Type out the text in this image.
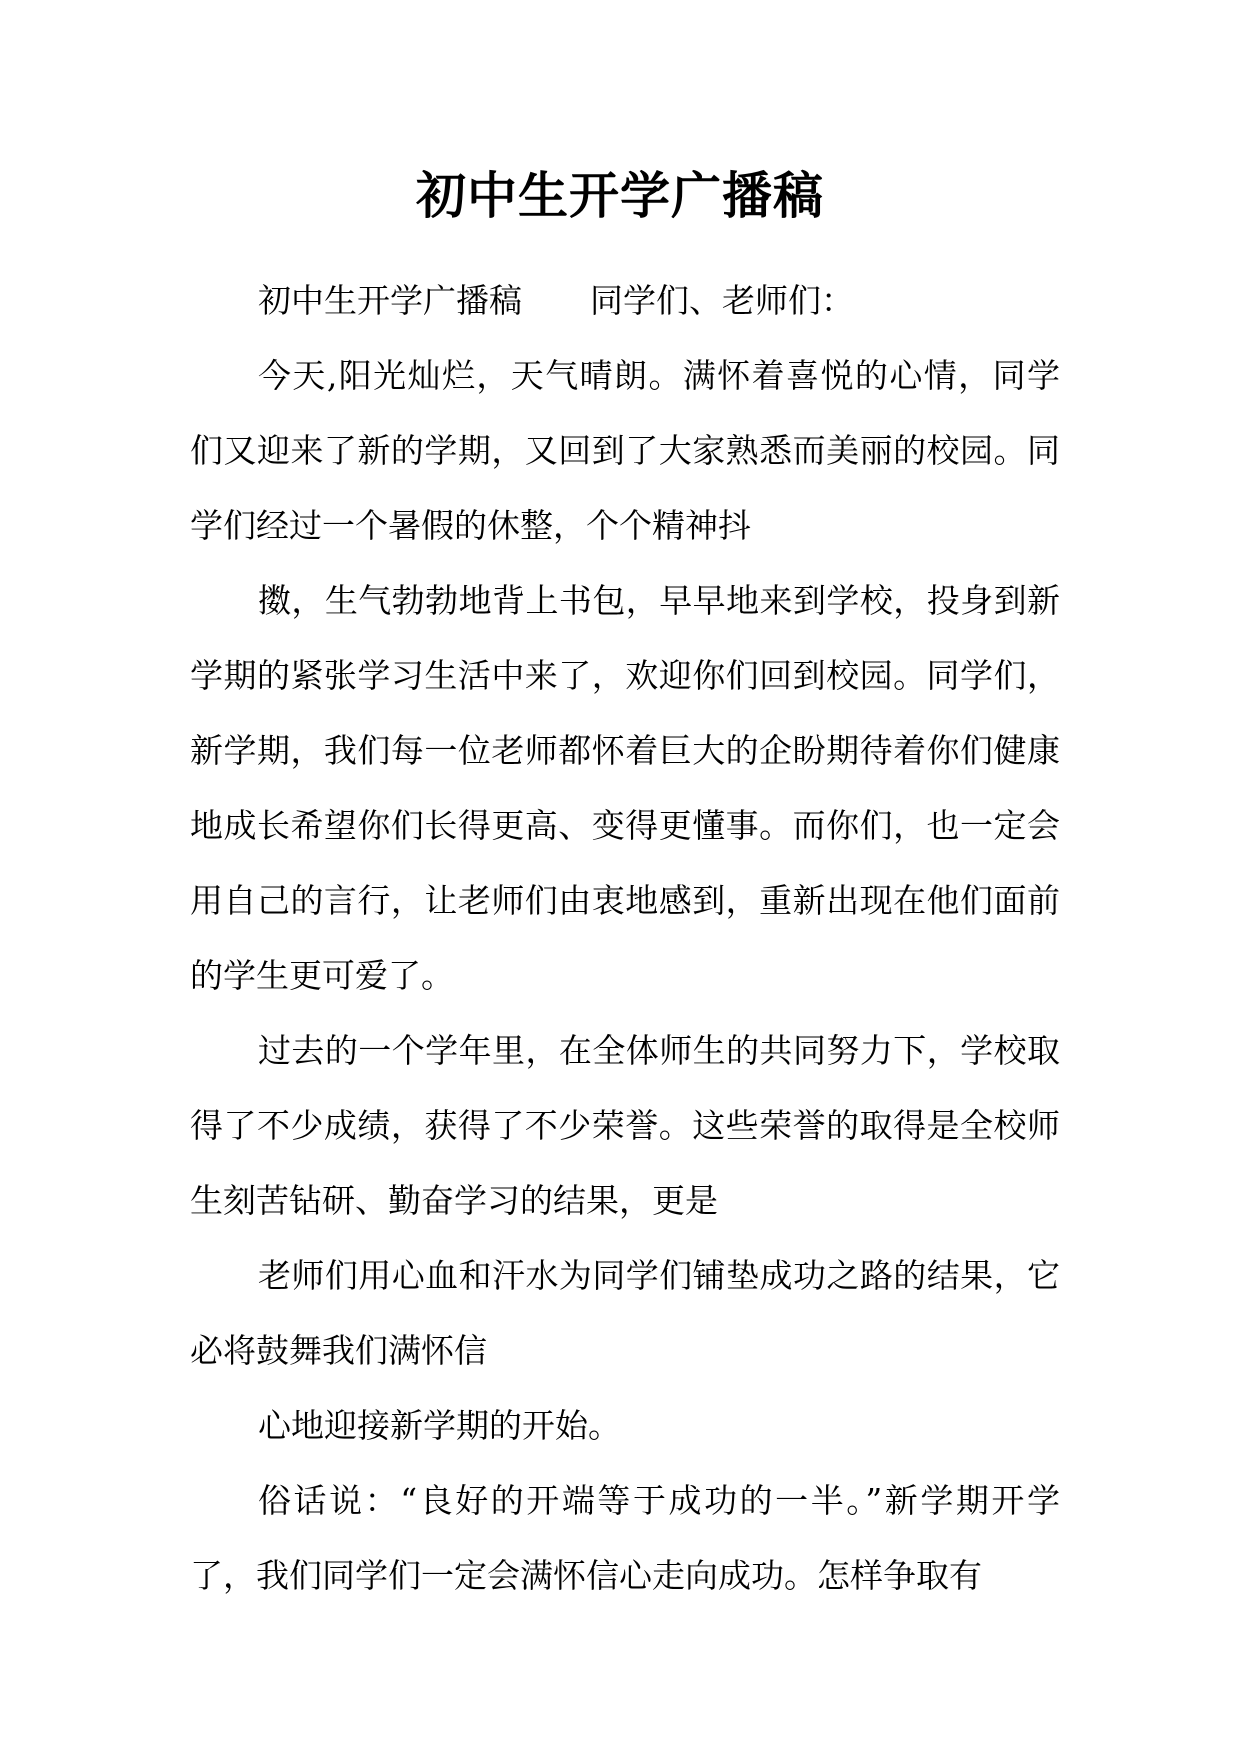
初中生开学广播稿

初中生开学广播稿 同学们、老师们：

今天,阳光灿烂，天气晴朗。满怀着喜悦的心情，同学们又迎来了新的学期，又回到了大家熟悉而美丽的校园。同学们经过一个暑假的休整，个个精神抖

擞，生气勃勃地背上书包，早早地来到学校，投身到新学期的紧张学习生活中来了，欢迎你们回到校园。同学们，新学期，我们每一位老师都怀着巨大的企盼期待着你们健康地成长希望你们长得更高、变得更懂事。而你们，也一定会用自己的言行，让老师们由衷地感到，重新出现在他们面前的学生更可爱了。

过去的一个学年里，在全体师生的共同努力下，学校取得了不少成绩，获得了不少荣誉。这些荣誉的取得是全校师生刻苦钻研、勤奋学习的结果，更是

老师们用心血和汗水为同学们铺垫成功之路的结果，它必将鼓舞我们满怀信

心地迎接新学期的开始。

俗话说：“良好的开端等于成功的一半。”新学期开学了，我们同学们一定会满怀信心走向成功。怎样争取有
